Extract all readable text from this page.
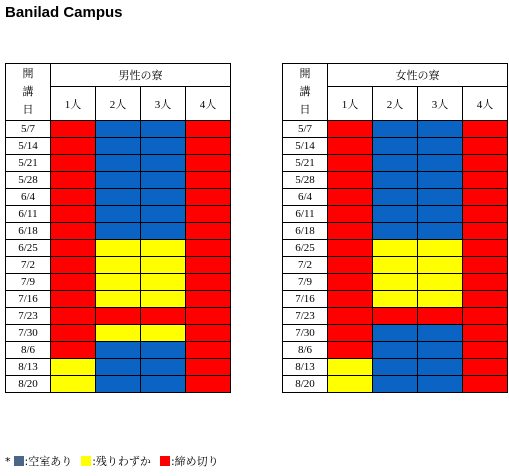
Banilad Campus
開
講
日	男性の寮			
	1人	2人	3人	4人
5/7				
5/14				
5/21				
5/28				
6/4				
6/11				
6/18				
6/25				
7/2				
7/9				
7/16				
7/23				
7/30				
8/6				
8/13				
8/20				
開
講
日	女性の寮			
	1人	2人	3人	4人
5/7				
5/14				
5/21				
5/28				
6/4				
6/11				
6/18				
6/25				
7/2				
7/9				
7/16				
7/23				
7/30				
8/6				
8/13				
8/20				
* :空室あり :残りわずか :締め切り
